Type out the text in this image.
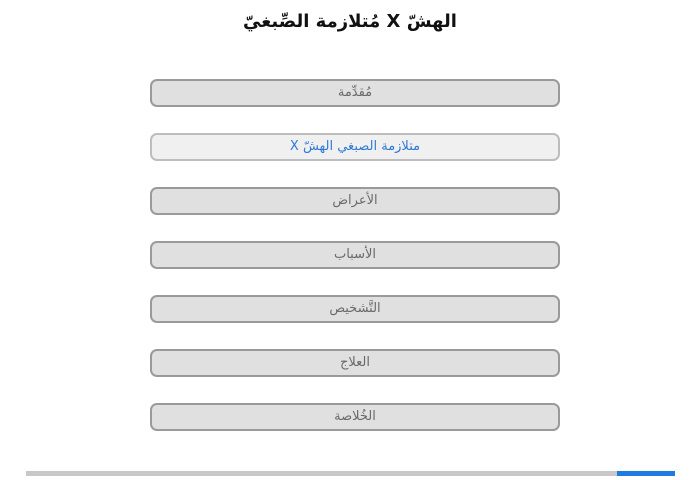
الهشّ X مُتلازمة الصِّبغيّ
مُقدِّمة
متلازمة الصبغي الهشّ X
الأعراض
الأسباب
التَّشخيص
العلاج
الخُلاصة
